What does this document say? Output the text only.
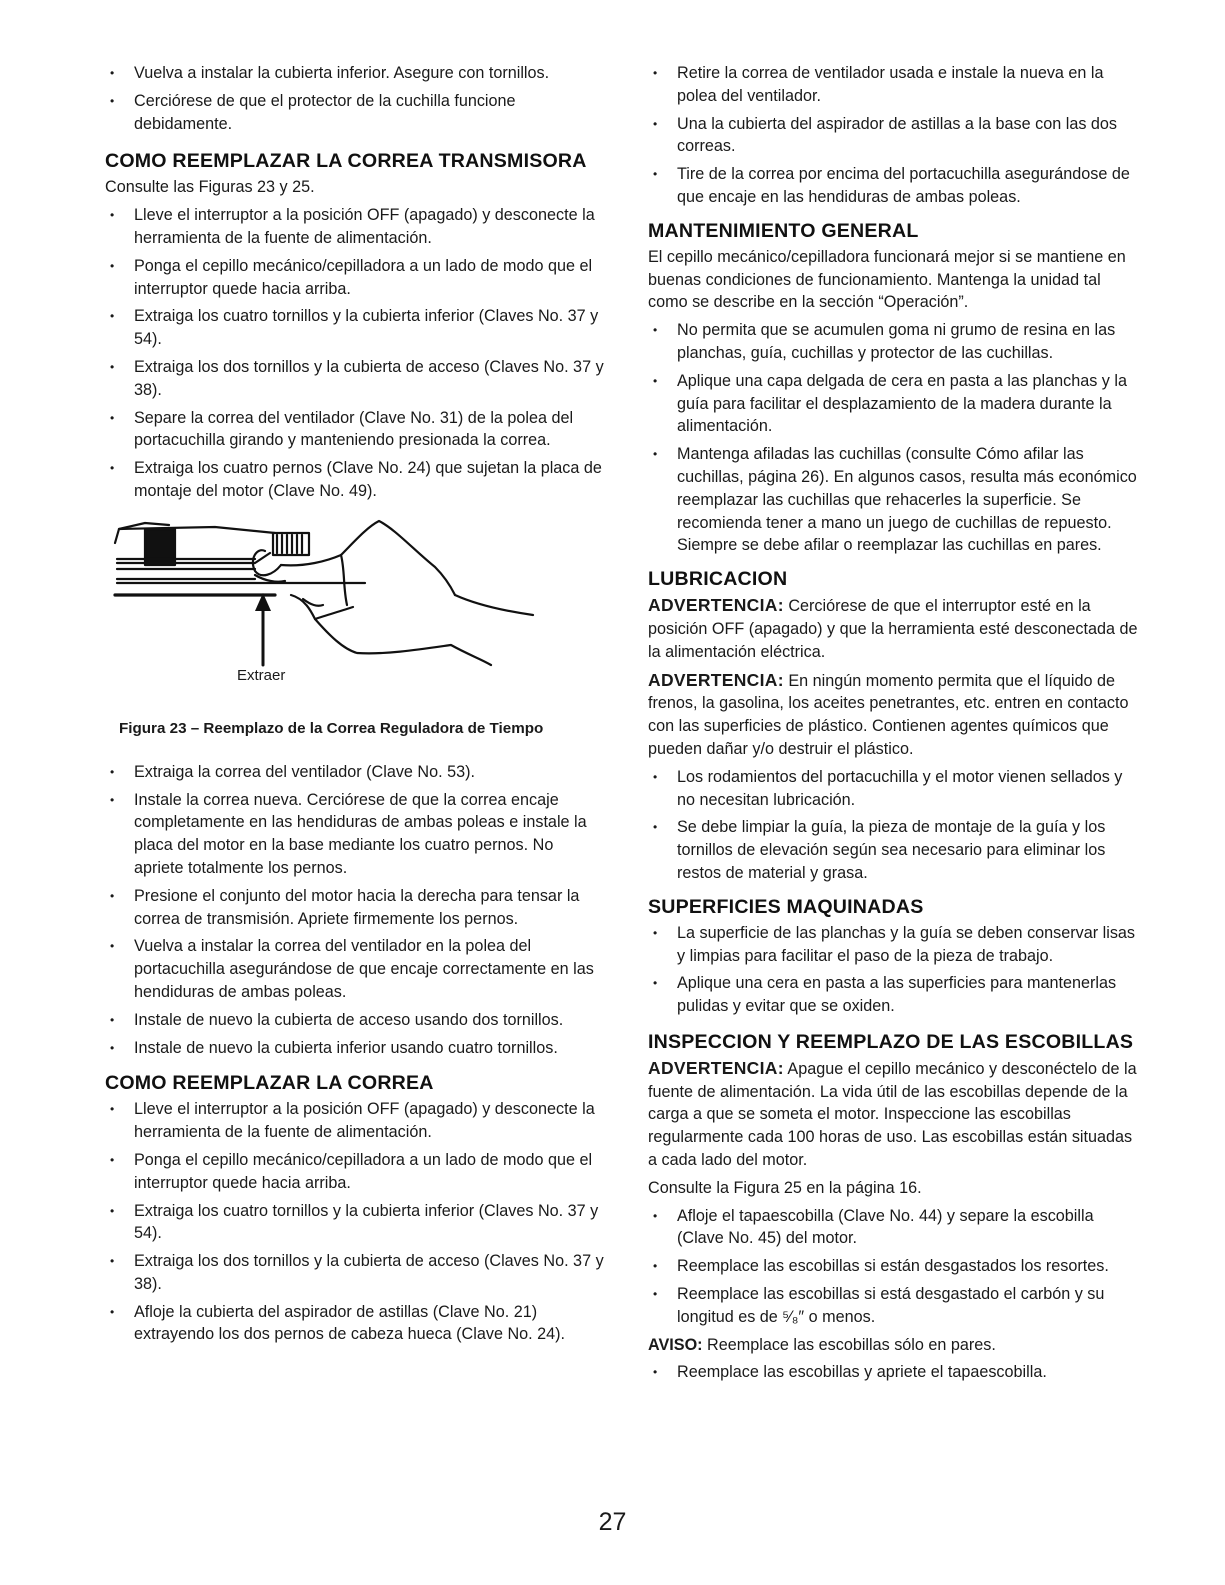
• Vuelva a instalar la cubierta inferior. Asegure con tornillos.
• Cerciórese de que el protector de la cuchilla funcione debidamente.
COMO REEMPLAZAR LA CORREA TRANSMISORA

Consulte las Figuras 23 y 25.

• Lleve el interruptor a la posición OFF (apagado) y desconecte la herramienta de la fuente de alimentación.
• Ponga el cepillo mecánico/cepilladora a un lado de modo que el interruptor quede hacia arriba.
• Extraiga los cuatro tornillos y la cubierta inferior (Claves No. 37 y 54).
• Extraiga los dos tornillos y la cubierta de acceso (Claves No. 37 y 38).
• Separe la correa del ventilador (Clave No. 31) de la polea del portacuchilla girando y manteniendo presionada la correa.
• Extraiga los cuatro pernos (Clave No. 24) que sujetan la placa de montaje del motor (Clave No. 49).
Extraer
Figura 23 – Reemplazo de la Correa Reguladora de Tiempo
• Extraiga la correa del ventilador (Clave No. 53).
• Instale la correa nueva. Cerciórese de que la correa encaje completamente en las hendiduras de ambas poleas e instale la placa del motor en la base mediante los cuatro pernos. No apriete totalmente los pernos.
• Presione el conjunto del motor hacia la derecha para tensar la correa de transmisión. Apriete firmemente los pernos.
• Vuelva a instalar la correa del ventilador en la polea del portacuchilla asegurándose de que encaje correctamente en las hendiduras de ambas poleas.
• Instale de nuevo la cubierta de acceso usando dos tornillos.
• Instale de nuevo la cubierta inferior usando cuatro tornillos.
COMO REEMPLAZAR LA CORREA
• Lleve el interruptor a la posición OFF (apagado) y desconecte la herramienta de la fuente de alimentación.
• Ponga el cepillo mecánico/cepilladora a un lado de modo que el interruptor quede hacia arriba.
• Extraiga los cuatro tornillos y la cubierta inferior (Claves No. 37 y 54).
• Extraiga los dos tornillos y la cubierta de acceso (Claves No. 37 y 38).
• Afloje la cubierta del aspirador de astillas (Clave No. 21) extrayendo los dos pernos de cabeza hueca (Clave No. 24).
• Retire la correa de ventilador usada e instale la nueva en la polea del ventilador.
• Una la cubierta del aspirador de astillas a la base con las dos correas.
• Tire de la correa por encima del portacuchilla asegurándose de que encaje en las hendiduras de ambas poleas.
MANTENIMIENTO GENERAL

El cepillo mecánico/cepilladora funcionará mejor si se mantiene en buenas condiciones de funcionamiento. Mantenga la unidad tal como se describe en la sección “Operación”.

• No permita que se acumulen goma ni grumo de resina en las planchas, guía, cuchillas y protector de las cuchillas.
• Aplique una capa delgada de cera en pasta a las planchas y la guía para facilitar el desplazamiento de la madera durante la alimentación.
• Mantenga afiladas las cuchillas (consulte Cómo afilar las cuchillas, página 26). En algunos casos, resulta más económico reemplazar las cuchillas que rehacerles la superficie. Se recomienda tener a mano un juego de cuchillas de repuesto. Siempre se debe afilar o reemplazar las cuchillas en pares.
LUBRICACION

ADVERTENCIA: Cerciórese de que el interruptor esté en la posición OFF (apagado) y que la herramienta esté desconectada de la alimentación eléctrica.

ADVERTENCIA: En ningún momento permita que el líquido de frenos, la gasolina, los aceites penetrantes, etc. entren en contacto con las superficies de plástico. Contienen agentes químicos que pueden dañar y/o destruir el plástico.

• Los rodamientos del portacuchilla y el motor vienen sellados y no necesitan lubricación.
• Se debe limpiar la guía, la pieza de montaje de la guía y los tornillos de elevación según sea necesario para eliminar los restos de material y grasa.
SUPERFICIES MAQUINADAS
• La superficie de las planchas y la guía se deben conservar lisas y limpias para facilitar el paso de la pieza de trabajo.
• Aplique una cera en pasta a las superficies para mantenerlas pulidas y evitar que se oxiden.
INSPECCION Y REEMPLAZO DE LAS ESCOBILLAS

ADVERTENCIA: Apague el cepillo mecánico y desconéctelo de la fuente de alimentación. La vida útil de las escobillas depende de la carga a que se someta el motor. Inspeccione las escobillas regularmente cada 100 horas de uso. Las escobillas están situadas a cada lado del motor.

Consulte la Figura 25 en la página 16.

• Afloje el tapaescobilla (Clave No. 44) y separe la escobilla (Clave No. 45) del motor.
• Reemplace las escobillas si están desgastados los resortes.
• Reemplace las escobillas si está desgastado el carbón y su longitud es de ⁵⁄₈″ o menos.

AVISO: Reemplace las escobillas sólo en pares.

• Reemplace las escobillas y apriete el tapaescobilla.
27
